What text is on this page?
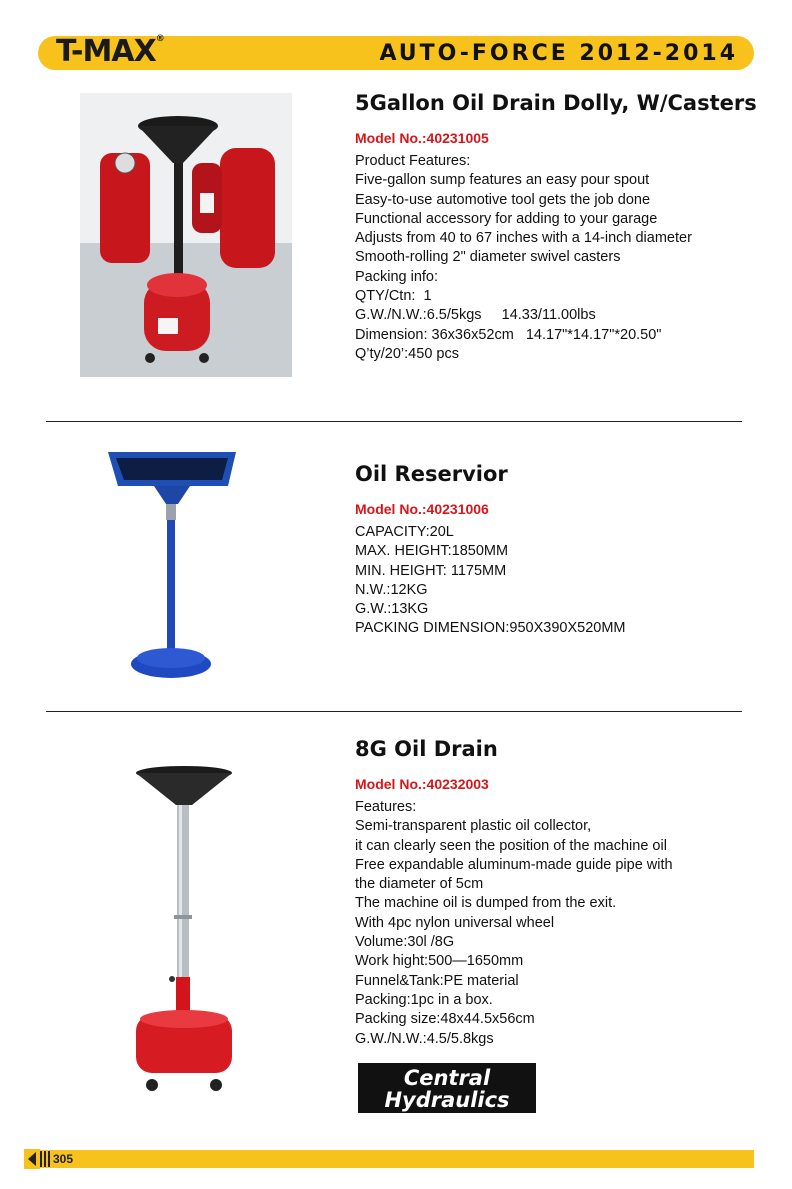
T-MAX®
AUTO-FORCE 2012-2014
5Gallon Oil Drain Dolly, W/Casters
Model No.:40231005
Product Features:
Five-gallon sump features an easy pour spout
Easy-to-use automotive tool gets the job done
Functional accessory for adding to your garage
Adjusts from 40 to 67 inches with a 14-inch diameter
Smooth-rolling 2" diameter swivel casters
Packing info:
QTY/Ctn:  1
G.W./N.W.:6.5/5kgs     14.33/11.00lbs
Dimension: 36x36x52cm   14.17"*14.17"*20.50"
Q’ty/20’:450 pcs
Oil Reservior
Model No.:40231006
CAPACITY:20L
MAX. HEIGHT:1850MM
MIN. HEIGHT: 1175MM
N.W.:12KG
G.W.:13KG
PACKING DIMENSION:950X390X520MM
8G Oil Drain
Model No.:40232003
Features:
Semi-transparent plastic oil collector,
it can clearly seen the position of the machine oil
Free expandable aluminum-made guide pipe with
the diameter of 5cm
The machine oil is dumped from the exit.
With 4pc nylon universal wheel
Volume:30l /8G
Work hight:500—1650mm
Funnel&Tank:PE material
Packing:1pc in a box.
Packing size:48x44.5x56cm
G.W./N.W.:4.5/5.8kgs
Central
Hydraulics
305
